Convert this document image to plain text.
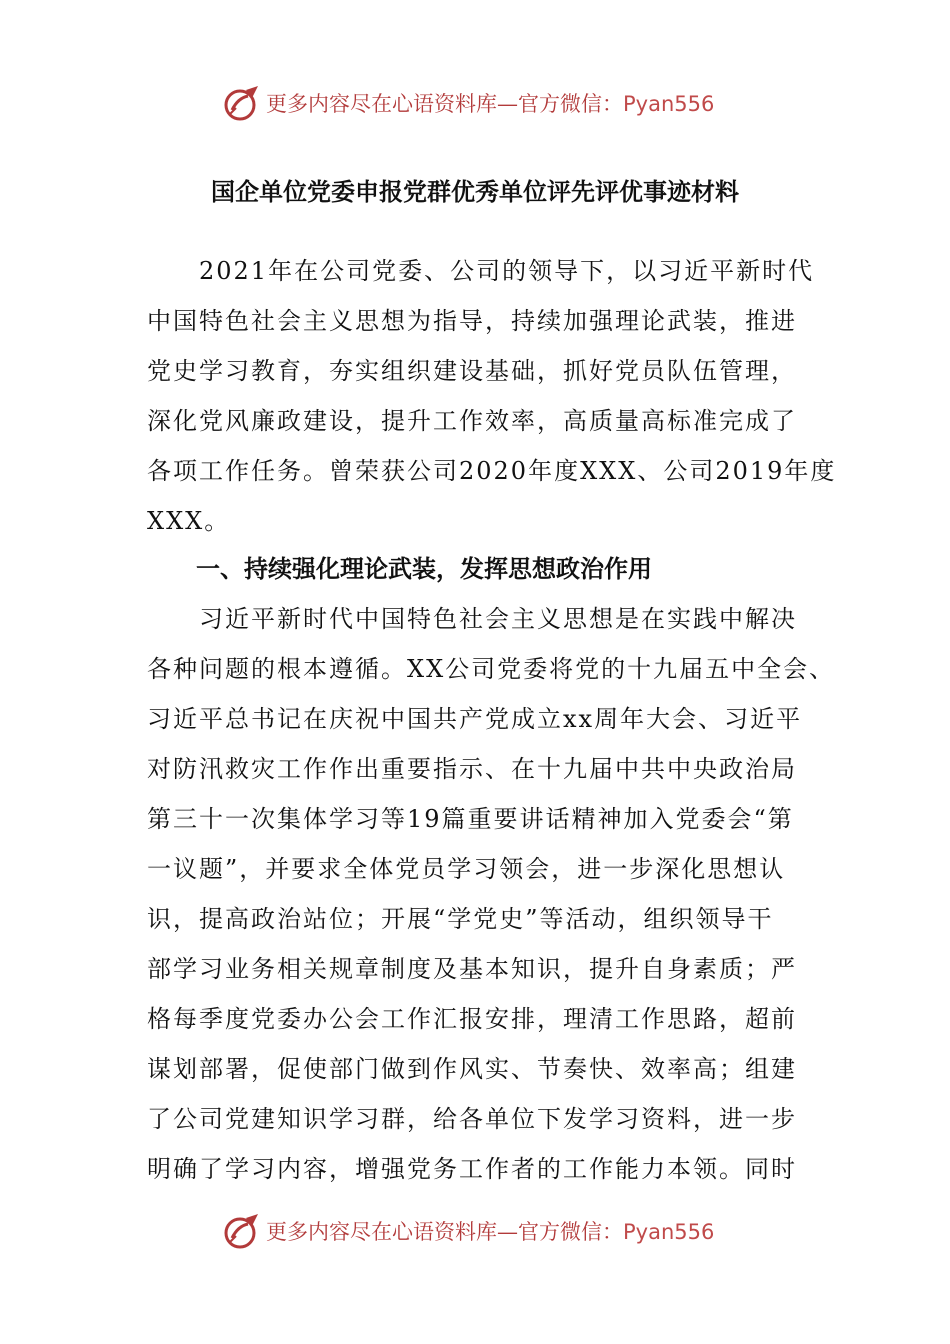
更多内容尽在心语资料库—官方微信：Pyan556
国企单位党委申报党群优秀单位评先评优事迹材料
　　2021年在公司党委、公司的领导下，以习近平新时代
中国特色社会主义思想为指导，持续加强理论武装，推进
党史学习教育，夯实组织建设基础，抓好党员队伍管理，
深化党风廉政建设，提升工作效率，高质量高标准完成了
各项工作任务。曾荣获公司2020年度XXX、公司2019年度
XXX。
一、持续强化理论武装，发挥思想政治作用
　　习近平新时代中国特色社会主义思想是在实践中解决
各种问题的根本遵循。XX公司党委将党的十九届五中全会、
习近平总书记在庆祝中国共产党成立xx周年大会、习近平
对防汛救灾工作作出重要指示、在十九届中共中央政治局
第三十一次集体学习等19篇重要讲话精神加入党委会“第
一议题”，并要求全体党员学习领会，进一步深化思想认
识，提高政治站位；开展“学党史”等活动，组织领导干
部学习业务相关规章制度及基本知识，提升自身素质；严
格每季度党委办公会工作汇报安排，理清工作思路，超前
谋划部署，促使部门做到作风实、节奏快、效率高；组建
了公司党建知识学习群，给各单位下发学习资料，进一步
明确了学习内容，增强党务工作者的工作能力本领。同时
更多内容尽在心语资料库—官方微信：Pyan556
